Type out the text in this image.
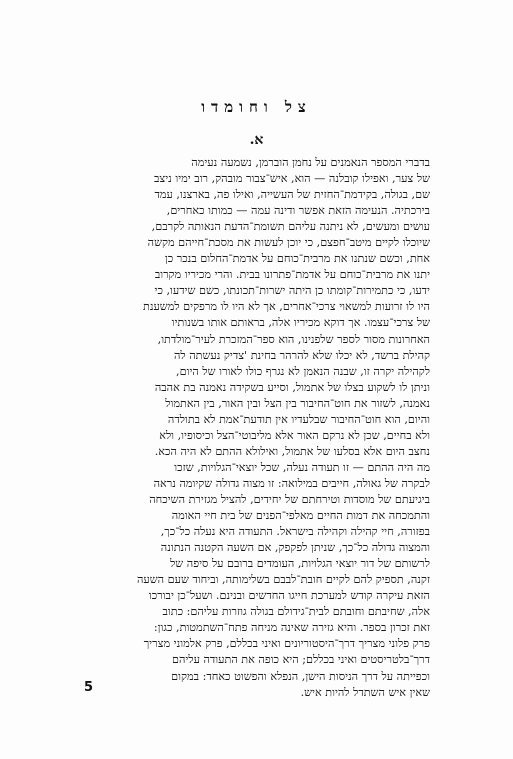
צל וחומדו
א.
בדברי המספר הנאמנים על נחמן הוברמן, נשמעה נעימה
של צער, ואפילו קובלנה — הוא, איש־צבור מובהק, רוב ימיו ניצב
שם, בגולה, בקידמת־החזית של העשייה, ואילו פה, בארצנו, עמד
בירכתיה. הנעימה הזאת אפשר ודינה עמה — כמותו כאחרים,
עושים ומעשים, לא ניתנה עליהם תשומת־הדעת הנאותה לקרבם,
שיוכלו לקיים מיטב־חפצם, כי יוכן לעשות את מסכת־חייהם מקשה
אחת, וכשם שנתנו את מרבית־כוחם על אדמת־החלום בנכר כן
יתנו את מרבית־כוחם על אדמת־פתרונו בבית. והרי מכיריו מקרוב
ידעו, כי כתמירות־קומתו כן היתה ישרות־תכונתו, כשם שידעו, כי
היו לו זרועות למשאוי צרכי־אחרים, אך לא היו לו מרפקים למשענת
של צרכי־עצמו. אך דוקא מכיריו אלה, בראותם אותו בשנותיו
האחרונות מסור לספר שלפנינו, הוא ספר־המזכרת לעיר־מולדתו,
קהילת ברשד, לא יכלו שלא להרהר בחינת 'צדיק נעשתה לה
לקהילה יקרה זו, שבנה הנאמן לא נגרף כולו לאורו של היום,
וניתן לו לשקוע בצלו של אתמול, וסייע בשקידה נאמנה בת אהבה
נאמנה, לשזור את חוט־החיבור בין הצל ובין האור, בין האתמול
והיום, הוא חוט־החיבור שבלעדיו אין תודעת־אמת לא בתולדה
ולא בחיים, שכן לא נרקם האור אלא מליבוטי־הצל וכיסופיו, ולא
נחצב היום אלא בסלעו של אתמול, ואילולא ההתם לא היה הכא.
מה היה ההתם — זו תעודה נעלה, שכל יוצאי־הגלויות, שזכו
לבקרה של גאולה, חייבים במילואה: זו מצוה גדולה שקיומה נראה
ביגיעתם של מוסדות וטירחתם של יחידים, להציל מגזירת השיכחה
והתמכחה את דמות החיים מאלפי־הפנים של בית חיי האומה
בפזורה, חיי קהילה וקהילה בישראל. התעודה היא נעלה כל־כך,
והמצוה גדולה כל־כך, שניתן לפקפק, אם השעה הקטנה הנתונה
לרשותם של דור יוצאי הגלויות, העומדים ברובם על סיפה של
זקנה, תספיק להם לקיים חובת־לבבם בשלימותה, וביחוד שעם השעה
הזאת עיקרה קודש למערכת חייגו החדשים ובנינם. ושעל־כן יבורכו
אלה, שחיבתם וחובתם לבית־גידולם בגולה גוזרות עליהם: כתוב
זאת זכרון בספר. והיא גזירה שאינה מניחה פתח־השתמטות, כגון:
פרק פלוני מצריך דרך־היסטוריונים ואיני בכללם, פרק אלמוני מצריך
דרך־בלטריסטים ואיני בכללם; היא כופה את התעודה עליהם
וכפייתה על דרך הניסות הישן, הנפלא והפשוט כאחד: במקום
שאין איש השתדל להיות איש.
5
